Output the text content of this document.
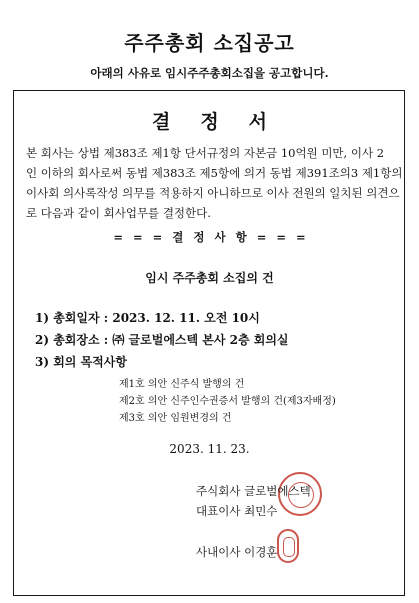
주주총회 소집공고
아래의 사유로 임시주주총회소집을 공고합니다.
결정서
본 회사는 상법 제383조 제1항 단서규정의 자본금 10억원 미만, 이사 2
인 이하의 회사로써 동법 제383조 제5항에 의거 동법 제391조의3 제1항의
이사회 의사록작성 의무를 적용하지 아니하므로 이사 전원의 일치된 의견으
로 다음과 같이 회사업무를 결정한다.
= = = 결 정 사 항 = = =
임시 주주총회 소집의 건
1) 총회일자 : 2023. 12. 11. 오전 10시
2) 총회장소 : ㈜ 글로벌에스텍 본사 2층 회의실
3) 회의 목적사항
제1호 의안 신주식 발행의 건
제2호 의안 신주인수권증서 발행의 건(제3자배정)
제3호 의안 임원변경의 건
2023. 11. 23.
주식회사 글로벌에스텍
대표이사 최민수
사내이사 이경훈
